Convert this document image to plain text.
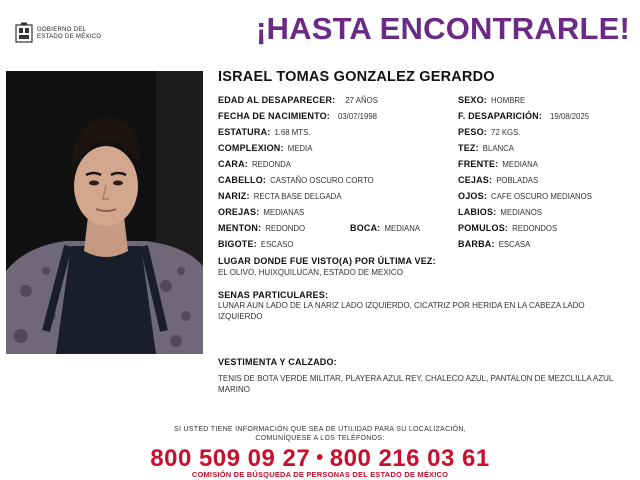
GOBIERNO DEL
ESTADO DE MÉXICO	¡HASTA ENCONTRARLE!
ISRAEL TOMAS GONZALEZ GERARDO
EDAD AL DESAPARECER: 27 AÑOS	SEXO: HOMBRE
FECHA DE NACIMIENTO: 03/07/1998	F. DESAPARICIÓN: 19/08/2025
ESTATURA: 1.68 MTS.	PESO: 72 KGS.
COMPLEXION: MEDIA	TEZ: BLANCA
CARA: REDONDA	FRENTE: MEDIANA
CABELLO: CASTAÑO OSCURO CORTO	CEJAS: POBLADAS
NARIZ: RECTA BASE DELGADA	OJOS: CAFE OSCURO MEDIANOS
OREJAS: MEDIANAS	LABIOS: MEDIANOS
MENTON: REDONDO	BOCA: MEDIANA	POMULOS: REDONDOS
BIGOTE: ESCASO	BARBA: ESCASA
LUGAR DONDE FUE VISTO(A) POR ÚLTIMA VEZ:
EL OLIVO, HUIXQUILUCAN, ESTADO DE MEXICO
SENAS PARTICULARES:
LUNAR AUN LADO DE LA NARIZ LADO IZQUIERDO, CICATRIZ POR HERIDA EN LA CABEZA LADO IZQUIERDO
VESTIMENTA Y CALZADO:
TENIS DE BOTA VERDE MILITAR, PLAYERA AZUL REY, CHALECO AZUL, PANTALON DE MEZCLILLA AZUL MARINO
SI USTED TIENE INFORMACIÓN QUE SEA DE UTILIDAD PARA SU LOCALIZACIÓN,
COMUNÍQUESE A LOS TELÉFONOS:
800 509 09 27 • 800 216 03 61
COMISIÓN DE BÚSQUEDA DE PERSONAS DEL ESTADO DE MÉXICO
